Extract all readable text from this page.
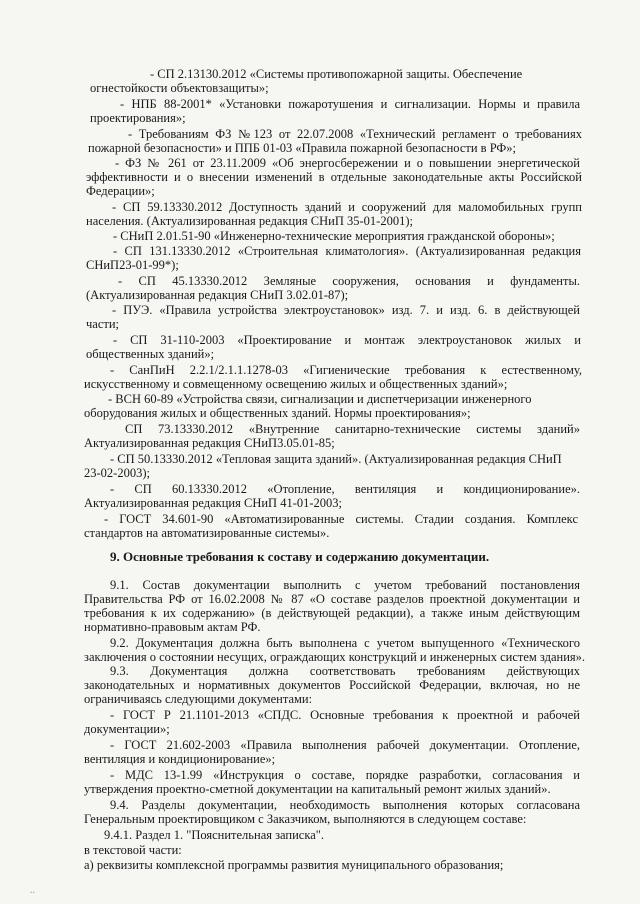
- СП 2.13130.2012 «Системы противопожарной защиты. Обеспечение
огнестойкости объектовзащиты»;
- НПБ 88-2001* «Установки пожаротушения и сигнализации. Нормы и правила
проектирования»;
- Требованиям ФЗ №123 от 22.07.2008 «Технический регламент о требованиях
пожарной безопасности» и ППБ 01-03 «Правила пожарной безопасности в РФ»;
- ФЗ № 261 от 23.11.2009 «Об энергосбережении и о повышении энергетической
эффективности и о внесении изменений в отдельные законодательные акты Российской
Федерации»;
- СП 59.13330.2012 Доступность зданий и сооружений для маломобильных групп
населения. (Актуализированная редакция СНиП 35-01-2001);
- СНиП 2.01.51-90 «Инженерно-технические мероприятия гражданской обороны»;
- СП 131.13330.2012 «Строительная климатология». (Актуализированная редакция
СНиП23-01-99*);
- СП 45.13330.2012 Земляные сооружения, основания и фундаменты.
(Актуализированная редакция СНиП 3.02.01-87);
- ПУЭ. «Правила устройства электроустановок» изд. 7. и изд. 6. в действующей
части;
- СП 31-110-2003 «Проектирование и монтаж электроустановок жилых и
общественных зданий»;
- СанПиН 2.2.1/2.1.1.1278-03 «Гигиенические требования к естественному,
искусственному и совмещенному освещению жилых и общественных зданий»;
- ВСН 60-89 «Устройства связи, сигнализации и диспетчеризации инженерного
оборудования жилых и общественных зданий. Нормы проектирования»;
СП 73.13330.2012 «Внутренние санитарно-технические системы зданий»
Актуализированная редакция СНиП3.05.01-85;
- СП 50.13330.2012 «Тепловая защита зданий». (Актуализированная редакция СНиП
23-02-2003);
- СП 60.13330.2012 «Отопление, вентиляция и кондиционирование».
Актуализированная редакция СНиП 41-01-2003;
- ГОСТ 34.601-90 «Автоматизированные системы. Стадии создания. Комплекс
стандартов на автоматизированные системы».
9. Основные требования к составу и содержанию документации.
9.1. Состав документации выполнить с учетом требований постановления
Правительства РФ от 16.02.2008 № 87 «О составе разделов проектной документации и
требования к их содержанию» (в действующей редакции), а также иным действующим
нормативно-правовым актам РФ.
9.2. Документация должна быть выполнена с учетом выпущенного «Технического
заключения о состоянии несущих, ограждающих конструкций и инженерных систем здания».
9.3. Документация должна соответствовать требованиям действующих
законодательных и нормативных документов Российской Федерации, включая, но не
ограничиваясь следующими документами:
- ГОСТ Р 21.1101-2013 «СПДС. Основные требования к проектной и рабочей
документации»;
- ГОСТ 21.602-2003 «Правила выполнения рабочей документации. Отопление,
вентиляция и кондиционирование»;
- МДС 13-1.99 «Инструкция о составе, порядке разработки, согласования и
утверждения проектно-сметной документации на капитальный ремонт жилых зданий».
9.4. Разделы документации, необходимость выполнения которых согласована
Генеральным проектировщиком с Заказчиком, выполняются в следующем составе:
9.4.1. Раздел 1. "Пояснительная записка".
в текстовой части:
а) реквизиты комплексной программы развития муниципального образования;
..
